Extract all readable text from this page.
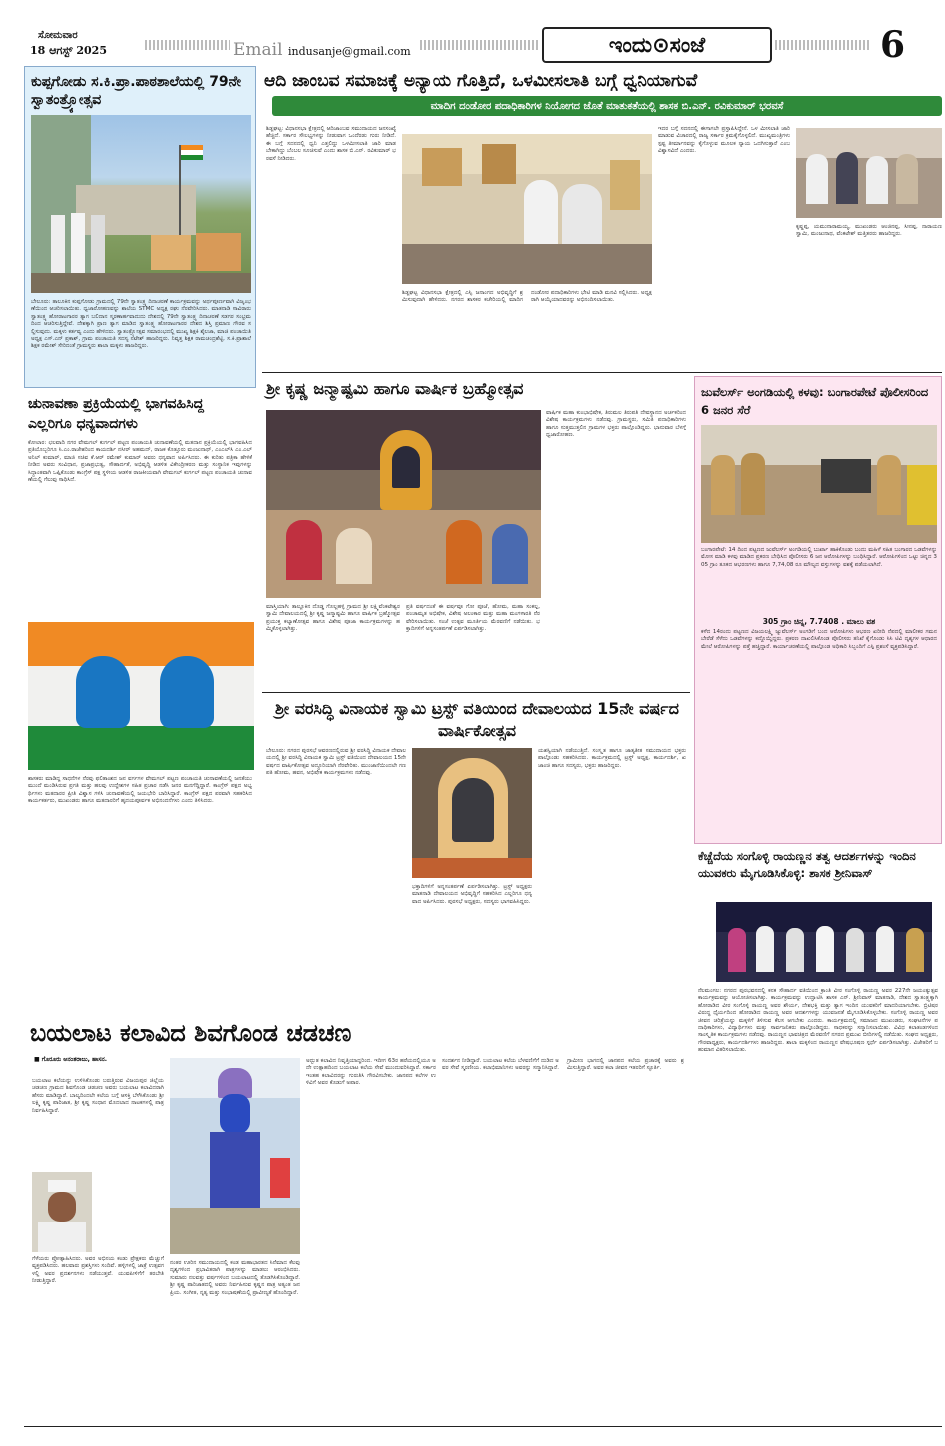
ಸೋಮವಾರ
18 ಆಗಸ್ಟ್ 2025	Email indusanje@gmail.com	ಇಂದು⊙ಸಂಜೆ	6
ಕುಪ್ಪಗೋಡು ಸ.ಕಿ.ಪ್ರಾ.ಪಾಠಶಾಲೆಯಲ್ಲಿ 79ನೇ ಸ್ವಾತಂತ್ರ್ಯೋತ್ಸವ
ಬೇಲೂರು: ತಾಲೂಕಿನ ಕುಪ್ಪಗೋಡು ಗ್ರಾಮದಲ್ಲಿ 79ನೇ ಸ್ವಾತಂತ್ರ್ಯ ದಿನಾಚರಣೆ ಕಾರ್ಯಕ್ರಮವನ್ನು ಅರ್ಥಪೂರ್ಣವಾಗಿ ವಿಜೃಂಭಣೆಯಿಂದ ಆಚರಿಸಲಾಯಿತು. ಧ್ವಜಾರೋಹಣವನ್ನು ಶಾಲೆಯ STMC ಅಧ್ಯಕ್ಷ ರಘು ನೆರವೇರಿಸಿದರು. ಮಾತನಾಡಿ ಸಾವಿರಾರು ಸ್ವಾತಂತ್ರ್ಯ ಹೋರಾಟಗಾರರ ತ್ಯಾಗ ಬಲಿದಾನ ಸ್ಮರಣಾರ್ಹವಾದುದು ದೇಶದಲ್ಲಿ 79ನೇ ಸ್ವಾತಂತ್ರ್ಯ ದಿನಾಚರಣೆ ಸಡಗರ ಸಂಭ್ರಮದಿಂದ ಆಚರಿಸುತ್ತಿದ್ದೇವೆ. ದೇಶಕ್ಕಾಗಿ ಪ್ರಾಣ ತ್ಯಾಗ ಮಾಡಿದ ಸ್ವಾತಂತ್ರ್ಯ ಹೋರಾಟಗಾರರ ದೇಶದ ಶಿಸ್ತಿ ಪ್ರಮಾಣ ಗೌರವ ಸಲ್ಲಿಸುವುದು. ಮಕ್ಕಳು ಕರ್ತವ್ಯ ಎಂದು ಹೇಳಿದರು. ಸ್ವಾತಂತ್ರ್ಯೋತ್ಸವ ಸಮಾರಂಭದಲ್ಲಿ ಮುಖ್ಯ ಶಿಕ್ಷಕಿ ಶೈಲಜಾ, ಮಾಜಿ ಪಂಚಾಯಿತಿ ಅಧ್ಯಕ್ಷ ಎಸ್.ಎನ್ ಪ್ರಕಾಶ್, ಗ್ರಾಮ ಪಂಚಾಯತಿ ಸದಸ್ಯ ನಟೇಶ್ ಹಾಜರಿದ್ದರು. ನಿವೃತ್ತ ಶಿಕ್ಷಕ ರಾಮಚಂದ್ರಶೆಟ್ಟಿ, ಸ.ಕಿ.ಪ್ರಾಶಾಲೆ ಶಿಕ್ಷಕ ರಮೇಶ್ ಸೇರಿದಂತೆ ಗ್ರಾಮಸ್ಥರು ಶಾಲಾ ಮಕ್ಕಳು ಹಾಜರಿದ್ದರು.
ಚುನಾವಣಾ ಪ್ರಕ್ರಿಯೆಯಲ್ಲಿ ಭಾಗವಹಿಸಿದ್ದ ಎಲ್ಲರಿಗೂ ಧನ್ಯವಾದಗಳು
ಕೋಲಾರ: ಛಲವಾದಿ ನಗರ ವೇಮಗಲ್ ಕುರ್ಗಲ್ ಪಟ್ಟಣ ಪಂಚಾಯತಿ ಚುನಾವಣೆಯಲ್ಲಿ ಮತದಾನ ಪ್ರಕ್ರಿಯೆಯಲ್ಲಿ ಭಾಗವಹಿಸಿದ ಪ್ರತಿಯೊಬ್ಬರಿಗೂ ಸಿ.ಎಂ.ರಾಜೇಶರಿಂದ ಕಾಯದರ್ಶಿ ನಸೀರ್ ಅಹಮದ್, ರಾಜಕ ಕೊತ್ತೂರು ಮಂಜುನಾಥ್, ಎಂಎಲ್‌ಸಿ ಎಂ.ಎಲ್ ಅನಿಲ್ ಕುಮಾರ್, ಮಾಜಿ ಸಚಿವ ಕೆ.ಆರ್ ರಮೇಶ್ ಕುಮಾರ್ ಅವರು ಧನ್ಯವಾದ ಅರ್ಪಿಸಿದರು. ಈ ಕುರಿತು ಪತ್ರಿಕಾ ಹೇಳಿಕೆ ನೀಡಿದ ಅವರು ಸಂವಿಧಾನ, ಪ್ರಜಾಪ್ರಭುತ್ವ, ಸೌಹಾರ್ದತೆ, ಅಭಿವೃದ್ಧಿ ಆಡಳಿತ ವಿಕೇಂದ್ರೀಕರಣ ಮತ್ತು ಸಂಸ್ಥಾನಿಕ ಇವುಗಳನ್ನು ಸಿದ್ಧಾಂತವಾಗಿ ಒಪ್ಪಿಕೊಂಡು ಕಾಂಗ್ರೆಸ್ ಪಕ್ಷ ಸ್ಥಳೀಯ ಆಡಳಿತ ರಾಜಕೀಯವಾಗಿ ವೇಮಗಲ್ ಕುರ್ಗಲ್ ಪಟ್ಟಣ ಪಂಚಾಯತಿ ಚುನಾವಣೆಯಲ್ಲಿ ಗೆಲುವು ಸಾಧಿಸಿದೆ.
ಶಾಸಕರು ಮಾಡಿದ್ದ ಸಾಧನೆಗಳ ನೆರವು ಫಲಿತಾಂಶದ ಜನ ವರ್ಗಗಳ ವೇಮಗಲ್ ಪಟ್ಟಣ ಪಂಚಾಯತಿ ಚುನಾವಣೆಯಲ್ಲಿ ಜನತೆಯು ಮುಂದೆ ಮಂಡಿಸಿರುವ ಪ್ರಗತಿ ಮತ್ತು ಹಲವು ಉದ್ದೇಶಗಳ ಸಹಿತ ಪ್ರಚಾರ ನಡೆಸಿ ಜನರ ಮನಗೆದ್ದಿದ್ದಾರೆ. ಕಾಂಗ್ರೆಸ್ ಪಕ್ಷದ ಅಭ್ಯರ್ಥಿಗಳು ಮತದಾರರ ಪ್ರೀತಿ ವಿಶ್ವಾಸ ಗಳಿಸಿ ಚುನಾವಣೆಯಲ್ಲಿ ಜಯಭೇರಿ ಬಾರಿಸಿದ್ದಾರೆ. ಕಾಂಗ್ರೆಸ್ ಪಕ್ಷದ ಪರವಾಗಿ ಸಹಕರಿಸಿದ ಕಾರ್ಯಕರ್ತರು, ಮುಖಂಡರು ಹಾಗೂ ಮತದಾರರಿಗೆ ಹೃದಯಪೂರ್ವಕ ಅಭಿನಂದನೆಗಳು ಎಂದು ತಿಳಿಸಿದರು.
ಆದಿ ಜಾಂಬವ ಸಮಾಜಕ್ಕೆ ಅನ್ಯಾಯ ಗೊತ್ತಿದೆ, ಒಳಮೀಸಲಾತಿ ಬಗ್ಗೆ ಧ್ವನಿಯಾಗುವೆ
ಮಾದಿಗ ದಂಡೋರ ಪದಾಧಿಕಾರಿಗಳ ನಿಯೋಗದ ಜೊತೆ ಮಾತುಕತೆಯಲ್ಲಿ ಶಾಸಕ ಬಿ.ಎನ್. ರವಿಕುಮಾರ್ ಭರವಸೆ
ಶಿಡ್ಲಘಟ್ಟ: ವಿಧಾನಸಭಾ ಕ್ಷೇತ್ರದಲ್ಲಿ ಆದಿಜಾಂಬವ ಸಮುದಾಯದ ಜನಸಂಖ್ಯೆ ಹೆಚ್ಚಿದೆ. ಸರ್ಕಾರ ಸೌಲಭ್ಯಗಳನ್ನು ನೀಡುವಾಗ ಒಂದೆರಡು ಗುರು ನೀಡಿದೆ. ಈ ಬಗ್ಗೆ ಸದನದಲ್ಲಿ ಧ್ವನಿ ಎತ್ತಲಿದ್ದು ಒಳಮೀಸಲಾತಿ ಜಾರಿ ಮಾಡಬೇಕಾಗಿದ್ದು ಬೆಂಬಲ ಸೂಚಿಸುವೆ ಎಂದು ಶಾಸಕ ಬಿ.ಎನ್. ರವಿಕುಮಾರ್ ಭರವಸೆ ನೀಡಿದರು.
ಶಿಡ್ಲಘಟ್ಟ ವಿಧಾನಸಭಾ ಕ್ಷೇತ್ರದಲ್ಲಿ ಎಸ್ಸಿ ಜನಾಂಗದ ಅಭಿವೃದ್ಧಿಗೆ ಶ್ರಮಿಸುವುದಾಗಿ ಹೇಳಿದರು. ನಗರದ ಶಾಸಕರ ಕಚೇರಿಯಲ್ಲಿ ಮಾದಿಗ ದಂಡೋರ ಪದಾಧಿಕಾರಿಗಳು ಭೇಟಿ ಮಾಡಿ ಮನವಿ ಸಲ್ಲಿಸಿದರು. ಅಧ್ಯಕ್ಷರಾಗಿ ಆಯ್ಕೆಯಾದವರನ್ನು ಅಭಿನಂದಿಸಲಾಯಿತು.
ಇದರ ಬಗ್ಗೆ ಸದನದಲ್ಲಿ ಈಗಾಗಲೇ ಪ್ರಸ್ತಾಪಿಸಿದ್ದೇನೆ. ಒಳ ಮೀಸಲಾತಿ ಜಾರಿ ಮಾಡುವ ವಿಚಾರದಲ್ಲಿ ರಾಜ್ಯ ಸರ್ಕಾರ ಕ್ರಮಕೈಗೊಳ್ಳಲಿದೆ. ಮುಖ್ಯಮಂತ್ರಿಗಳು ಸ್ಪಷ್ಟ ತೀರ್ಮಾನವನ್ನು ಕೈಗೊಳ್ಳುವ ಮೂಲಕ ನ್ಯಾಯ ಒದಗಿಸುತ್ತಾರೆ ಎಂಬ ವಿಶ್ವಾಸವಿದೆ ಎಂದರು.
ಕೃಷ್ಣಪ್ಪ, ಯಮುನಾರಾಮಯ್ಯ, ಮುಖಂಡರು ಆಂಜಿನಪ್ಪ, ಸೀನಪ್ಪ, ನಾರಾಯಣಸ್ವಾಮಿ, ಮಂಜುನಾಥ, ವೆಂಕಟೇಶ್ ಮತ್ತಿತರರು ಹಾಜರಿದ್ದರು.
ಶ್ರೀ ಕೃಷ್ಣ ಜನ್ಮಾಷ್ಟಮಿ ಹಾಗೂ ವಾರ್ಷಿಕ ಬ್ರಹ್ಮೋತ್ಸವ
ವಾರ್ಷಿಕ ಮಹಾ ಕುಂಭಾಭಿಷೇಕ, ತಿರುಮಲ ತಿರುಪತಿ ದೇವಸ್ಥಾನದ ಅರ್ಚಕರಿಂದ ವಿಶೇಷ ಕಾರ್ಯಕ್ರಮಗಳು ನಡೆದವು. ಗ್ರಾಮಸ್ಥರು, ಸಮಿತಿ ಪದಾಧಿಕಾರಿಗಳು ಹಾಗೂ ಸುತ್ತಮುತ್ತಲಿನ ಗ್ರಾಮಗಳ ಭಕ್ತರು ಪಾಲ್ಗೊಂಡಿದ್ದರು. ಭಾನುವಾರ ಬೆಳಗ್ಗೆ ಧ್ವಜಾರೋಹಣ.
ಮಾಸ್ತಿಯಾಗಿ: ತಾಲ್ಲೂಕಿನ ದೊಡ್ಡ ಗೊಲ್ಲಹಳ್ಳಿ ಗ್ರಾಮದ ಶ್ರೀ ಲಕ್ಷ್ಮಿವೆಂಕಟೇಶ್ವರಸ್ವಾಮಿ ದೇವಾಲಯದಲ್ಲಿ ಶ್ರೀ ಕೃಷ್ಣ ಜನ್ಮಾಷ್ಟಮಿ ಹಾಗೂ ವಾರ್ಷಿಕ ಬ್ರಹ್ಮೋತ್ಸವ ಪ್ರಯುಕ್ತ ಕಲ್ಯಾಣೋತ್ಸವ ಹಾಗೂ ವಿಶೇಷ ಪೂಜಾ ಕಾರ್ಯಕ್ರಮಗಳನ್ನು ಹಮ್ಮಿಕೊಳ್ಳಲಾಗಿತ್ತು.
ಪ್ರತಿ ವರ್ಷದಂತೆ ಈ ವರ್ಷವೂ ಗೋ ಪೂಜೆ, ಹೋಮ, ಮಹಾ ಸಂಕಲ್ಪ, ಪಂಚಾಮೃತ ಅಭಿಷೇಕ, ವಿಶೇಷ ಅಲಂಕಾರ ಮತ್ತು ಮಹಾ ಮಂಗಳಾರತಿ ನೆರವೇರಿಸಲಾಯಿತು. ಸಂಜೆ ಉತ್ಸವ ಮೂರ್ತಿಯ ಮೆರವಣಿಗೆ ನಡೆಯಿತು. ಭಕ್ತಾದಿಗಳಿಗೆ ಅನ್ನಸಂತರ್ಪಣೆ ಏರ್ಪಡಿಸಲಾಗಿತ್ತು.
ಜುವೆಲರ್ಸ್ ಅಂಗಡಿಯಲ್ಲಿ ಕಳವು: ಬಂಗಾರಪೇಟೆ ಪೊಲೀಸರಿಂದ 6 ಜನರ ಸೆರೆ
ಬಂಗಾರಪೇಟೆ: 14 ದಿಂದ ಪಟ್ಟಣದ ಜುವೆಲರ್ಸ್ ಅಂಗಡಿಯಲ್ಲಿ ಬುರ್ಖಾ ಹಾಕಿಕೊಂಡು ಬಂದು ಮಹಿಳೆ ಸಹಿತ ಬಂಗಾರದ ಒಡವೆಗಳನ್ನು ಮೋಸ ಮಾಡಿ ಕಳವು ಮಾಡಿದ ಪ್ರಕರಣ ಬೇಧಿಸಿದ ಪೊಲೀಸರು 6 ಜನ ಆರೋಪಿಗಳನ್ನು ಬಂಧಿಸಿದ್ದಾರೆ. ಆರೋಪಿಗಳಿಂದ ಒಟ್ಟು ಚಿನ್ನದ 305 ಗ್ರಾಂ ತೂಕದ ಆಭರಣಗಳು ಹಾಗೂ 7,74,08 ರೂ ಮೌಲ್ಯದ ವಸ್ತುಗಳನ್ನು ವಶಕ್ಕೆ ಪಡೆಯಲಾಗಿದೆ.
305 ಗ್ರಾಂ ಚಿನ್ನ, 7.7408 . ಮಾಲು ವಶ
ಕಳೆದ 14ರಂದು ಪಟ್ಟಣದ ವಿಜಯಲಕ್ಷ್ಮಿ ಜ್ಯುವೆಲರ್ಸ್ ಅಂಗಡಿಗೆ ಬಂದ ಆರೋಪಿಗಳು ಆಭರಣ ಖರೀದಿ ನೆಪದಲ್ಲಿ ಮಾಲೀಕರ ಗಮನ ಬೇರೆಡೆ ಸೆಳೆದು ಒಡವೆಗಳನ್ನು ಕದ್ದೊಯ್ದಿದ್ದರು. ಪ್ರಕರಣ ದಾಖಲಿಸಿಕೊಂಡ ಪೊಲೀಸರು ತನಿಖೆ ಕೈಗೊಂಡು ಸಿಸಿ ಟಿವಿ ದೃಶ್ಯಗಳ ಆಧಾರದ ಮೇಲೆ ಆರೋಪಿಗಳನ್ನು ಪತ್ತೆ ಹಚ್ಚಿದ್ದಾರೆ. ಕಾರ್ಯಾಚರಣೆಯಲ್ಲಿ ಪಾಲ್ಗೊಂಡ ಅಧಿಕಾರಿ ಸಿಬ್ಬಂದಿಗೆ ಎಸ್ಪಿ ಪ್ರಶಂಸೆ ವ್ಯಕ್ತಪಡಿಸಿದ್ದಾರೆ.
ಶ್ರೀ ವರಸಿದ್ಧಿ ವಿನಾಯಕ ಸ್ವಾಮಿ ಟ್ರಸ್ಟ್ ವತಿಯಿಂದ ದೇವಾಲಯದ 15ನೇ ವರ್ಷದ ವಾರ್ಷಿಕೋತ್ಸವ
ಬೇಲೂರು: ನಗರದ ಪುರಸಭೆ ಆವರಣದಲ್ಲಿರುವ ಶ್ರೀ ವರಸಿದ್ಧಿ ವಿನಾಯಕ ದೇವಾಲಯದಲ್ಲಿ ಶ್ರೀ ವರಸಿದ್ಧಿ ವಿನಾಯಕ ಸ್ವಾಮಿ ಟ್ರಸ್ಟ್ ವತಿಯಿಂದ ದೇವಾಲಯದ 15ನೇ ವರ್ಷದ ವಾರ್ಷಿಕೋತ್ಸವ ಅದ್ಧೂರಿಯಾಗಿ ನೆರವೇರಿತು. ಮುಂಜಾನೆಯಿಂದಲೇ ಗಣಪತಿ ಹೋಮ, ಹವನ, ಅಭಿಷೇಕ ಕಾರ್ಯಕ್ರಮಗಳು ನಡೆದವು.
ಭಕ್ತಾದಿಗಳಿಗೆ ಅನ್ನಸಂತರ್ಪಣೆ ಏರ್ಪಡಿಸಲಾಗಿತ್ತು. ಟ್ರಸ್ಟ್ ಅಧ್ಯಕ್ಷರು ಮಾತನಾಡಿ ದೇವಾಲಯದ ಅಭಿವೃದ್ಧಿಗೆ ಸಹಕರಿಸಿದ ಎಲ್ಲರಿಗೂ ಧನ್ಯವಾದ ಅರ್ಪಿಸಿದರು. ಪುರಸಭೆ ಅಧ್ಯಕ್ಷರು, ಸದಸ್ಯರು ಭಾಗವಹಿಸಿದ್ದರು.
ಯಶಸ್ವಿಯಾಗಿ ನಡೆಯುತ್ತಿದೆ. ಸಂಸ್ಕೃತ ಹಾಗೂ ಜಾತ್ಯತೀತ ಸಮುದಾಯದ ಭಕ್ತರು ಪಾಲ್ಗೊಂಡು ಸಹಕರಿಸಿದರು. ಕಾರ್ಯಕ್ರಮದಲ್ಲಿ ಟ್ರಸ್ಟ್ ಅಧ್ಯಕ್ಷ, ಕಾರ್ಯದರ್ಶಿ, ಖಜಾಂಚಿ ಹಾಗೂ ಸದಸ್ಯರು, ಭಕ್ತರು ಹಾಜರಿದ್ದರು.
ಕೆಚ್ಚೆದೆಯ ಸಂಗೊಳ್ಳಿ ರಾಯಣ್ಣನ ತತ್ವ ಆದರ್ಶಗಳನ್ನು ಇಂದಿನ ಯುವಕರು ಮೈಗೂಡಿಸಿಕೊಳ್ಳಿ: ಶಾಸಕ ಶ್ರೀನಿವಾಸ್
ನೆಲಮಂಗಲ: ನಗರದ ಪುರಭವನದಲ್ಲಿ ಕನಕ ಸೌಹಾರ್ದ ವತಿಯಿಂದ ಕ್ರಾಂತಿ ವೀರ ಸಂಗೊಳ್ಳಿ ರಾಯಣ್ಣ ಅವರ 227ನೇ ಜಯಂತ್ಯುತ್ಸವ ಕಾರ್ಯಕ್ರಮವನ್ನು ಆಯೋಜಿಸಲಾಗಿತ್ತು. ಕಾರ್ಯಕ್ರಮವನ್ನು ಉದ್ಘಾಟಿಸಿ ಶಾಸಕ ಎನ್. ಶ್ರೀನಿವಾಸ್ ಮಾತನಾಡಿ, ದೇಶದ ಸ್ವಾತಂತ್ರ್ಯಕ್ಕಾಗಿ ಹೋರಾಡಿದ ವೀರ ಸಂಗೊಳ್ಳಿ ರಾಯಣ್ಣ ಅವರ ಶೌರ್ಯ, ದೇಶಭಕ್ತಿ ಮತ್ತು ತ್ಯಾಗ ಇಂದಿನ ಯುವಕರಿಗೆ ಮಾದರಿಯಾಗಬೇಕು. ಬ್ರಿಟಿಷರ ವಿರುದ್ಧ ಧೈರ್ಯದಿಂದ ಹೋರಾಡಿದ ರಾಯಣ್ಣ ಅವರ ಆದರ್ಶಗಳನ್ನು ಯುವಜನತೆ ಮೈಗೂಡಿಸಿಕೊಳ್ಳಬೇಕು. ಸಂಗೊಳ್ಳಿ ರಾಯಣ್ಣ ಅವರ ಜೀವನ ಚರಿತ್ರೆಯನ್ನು ಮಕ್ಕಳಿಗೆ ತಿಳಿಸುವ ಕೆಲಸ ಆಗಬೇಕು ಎಂದರು. ಕಾರ್ಯಕ್ರಮದಲ್ಲಿ ಸಮಾಜದ ಮುಖಂಡರು, ಸಂಘಟನೆಗಳ ಪದಾಧಿಕಾರಿಗಳು, ವಿದ್ಯಾರ್ಥಿಗಳು ಮತ್ತು ಸಾರ್ವಜನಿಕರು ಪಾಲ್ಗೊಂಡಿದ್ದರು. ಸಾಧಕರನ್ನು ಸನ್ಮಾನಿಸಲಾಯಿತು. ವಿವಿಧ ಕಲಾತಂಡಗಳಿಂದ ಸಾಂಸ್ಕೃತಿಕ ಕಾರ್ಯಕ್ರಮಗಳು ನಡೆದವು. ರಾಯಣ್ಣನ ಭಾವಚಿತ್ರದ ಮೆರವಣಿಗೆ ನಗರದ ಪ್ರಮುಖ ಬೀದಿಗಳಲ್ಲಿ ನಡೆಯಿತು. ಸಂಘದ ಅಧ್ಯಕ್ಷರು, ಗೌರವಾಧ್ಯಕ್ಷರು, ಕಾರ್ಯದರ್ಶಿಗಳು ಹಾಜರಿದ್ದರು. ಶಾಲಾ ಮಕ್ಕಳಿಂದ ರಾಯಣ್ಣನ ವೇಷಭೂಷಣ ಸ್ಪರ್ಧೆ ಏರ್ಪಡಿಸಲಾಗಿತ್ತು. ವಿಜೇತರಿಗೆ ಬಹುಮಾನ ವಿತರಿಸಲಾಯಿತು.
ಬಯಲಾಟ ಕಲಾವಿದ ಶಿವಗೊಂಡ ಚಡಚಣ
■ ಗೊರೂರು ಅನಂತರಾಜು, ಹಾಸನ.
ಬಯಲಾಟ ಕಲೆಯನ್ನು ಉಳಿಸಿಕೊಂಡು ಬರುತ್ತಿರುವ ವಿಜಯಪುರ ಜಿಲ್ಲೆಯ ಚಡಚಣ ಗ್ರಾಮದ ಶಿವಗೊಂಡ ಚಡಚಣ ಅವರು ಬಯಲಾಟ ಕಲಾವಿದರಾಗಿ ಹೆಸರು ಮಾಡಿದ್ದಾರೆ. ಬಾಲ್ಯದಿಂದಲೇ ಕಲೆಯ ಬಗ್ಗೆ ಆಸಕ್ತಿ ಬೆಳೆಸಿಕೊಂಡು ಶ್ರೀ ಲಕ್ಷ್ಮಿ ಕೃಷ್ಣ ಪಾರಿಜಾತ, ಶ್ರೀ ಕೃಷ್ಣ ಸಂಧಾನ ಮೊದಲಾದ ನಾಟಕಗಳಲ್ಲಿ ಪಾತ್ರ ನಿರ್ವಹಿಸಿದ್ದಾರೆ.
ಗೆಳೆಯರು ಪ್ರೋತ್ಸಾಹಿಸಿದರು. ಅವರ ಅಭಿನಯ ಕಂಡು ಪ್ರೇಕ್ಷಕರು ಮೆಚ್ಚುಗೆ ವ್ಯಕ್ತಪಡಿಸಿದರು. ಹಲವಾರು ಪ್ರಶಸ್ತಿಗಳು ಸಂದಿವೆ. ಹಳ್ಳಿಗಳಲ್ಲಿ ಜಾತ್ರೆ ಉತ್ಸವಗಳಲ್ಲಿ ಅವರ ಪ್ರದರ್ಶನಗಳು ನಡೆಯುತ್ತವೆ. ಯುವಪೀಳಿಗೆಗೆ ತರಬೇತಿ ನೀಡುತ್ತಿದ್ದಾರೆ.
ನಂತರ ಊರಿನ ಸಮುದಾಯದಲ್ಲಿ ಕಂಡ ಮಹಾಭಾರತದ ಸಿನೆಮಾದ ಕೆಲವು ದೃಶ್ಯಗಳಿಂದ ಪ್ರಭಾವಿತರಾಗಿ ಪಾತ್ರಗಳನ್ನು ಮಾಡಲು ಆರಂಭಿಸಿದರು. ಸುಮಾರು ನಲವತ್ತು ವರ್ಷಗಳಿಂದ ಬಯಲಾಟದಲ್ಲಿ ತೊಡಗಿಸಿಕೊಂಡಿದ್ದಾರೆ. ಶ್ರೀ ಕೃಷ್ಣ ಪಾರಿಜಾತದಲ್ಲಿ ಅವರು ನಿರ್ವಹಿಸುವ ಕೃಷ್ಣನ ಪಾತ್ರ ಅತ್ಯಂತ ಜನಪ್ರಿಯ. ಸಂಗೀತ, ನೃತ್ಯ ಮತ್ತು ಸಂಭಾಷಣೆಯಲ್ಲಿ ಪ್ರಾವೀಣ್ಯತೆ ಹೊಂದಿದ್ದಾರೆ.
ಅದ್ಭುತ ಕಲಾವಿದ ನಿವೃತ್ತಿಯಾದ್ದರಿಂದ. ಇದೀಗ 63ರ ಹರೆಯದಲ್ಲಿಯೂ ಅದೇ ಉತ್ಸಾಹದಿಂದ ಬಯಲಾಟ ಕಲೆಯ ಸೇವೆ ಮುಂದುವರಿಸಿದ್ದಾರೆ. ಸರ್ಕಾರ ಇಂತಹ ಕಲಾವಿದರನ್ನು ಗುರುತಿಸಿ ಗೌರವಿಸಬೇಕು. ಜಾನಪದ ಕಲೆಗಳ ಉಳಿವಿಗೆ ಅವರ ಕೊಡುಗೆ ಅಪಾರ.
ಸಂದರ್ಶನ ನೀಡಿದ್ದಾರೆ. ಬಯಲಾಟ ಕಲೆಯ ಬೆಳವಣಿಗೆಗೆ ದುಡಿದ ಅವರ ಸೇವೆ ಸ್ಮರಣೀಯ. ಕಲಾಭಿಮಾನಿಗಳು ಅವರನ್ನು ಸನ್ಮಾನಿಸಿದ್ದಾರೆ. ಗ್ರಾಮೀಣ ಭಾಗದಲ್ಲಿ ಜಾನಪದ ಕಲೆಯ ಪ್ರಚಾರಕ್ಕೆ ಅವರು ಶ್ರಮಿಸುತ್ತಿದ್ದಾರೆ. ಅವರ ಕಲಾ ಜೀವನ ಇತರರಿಗೆ ಸ್ಫೂರ್ತಿ.
